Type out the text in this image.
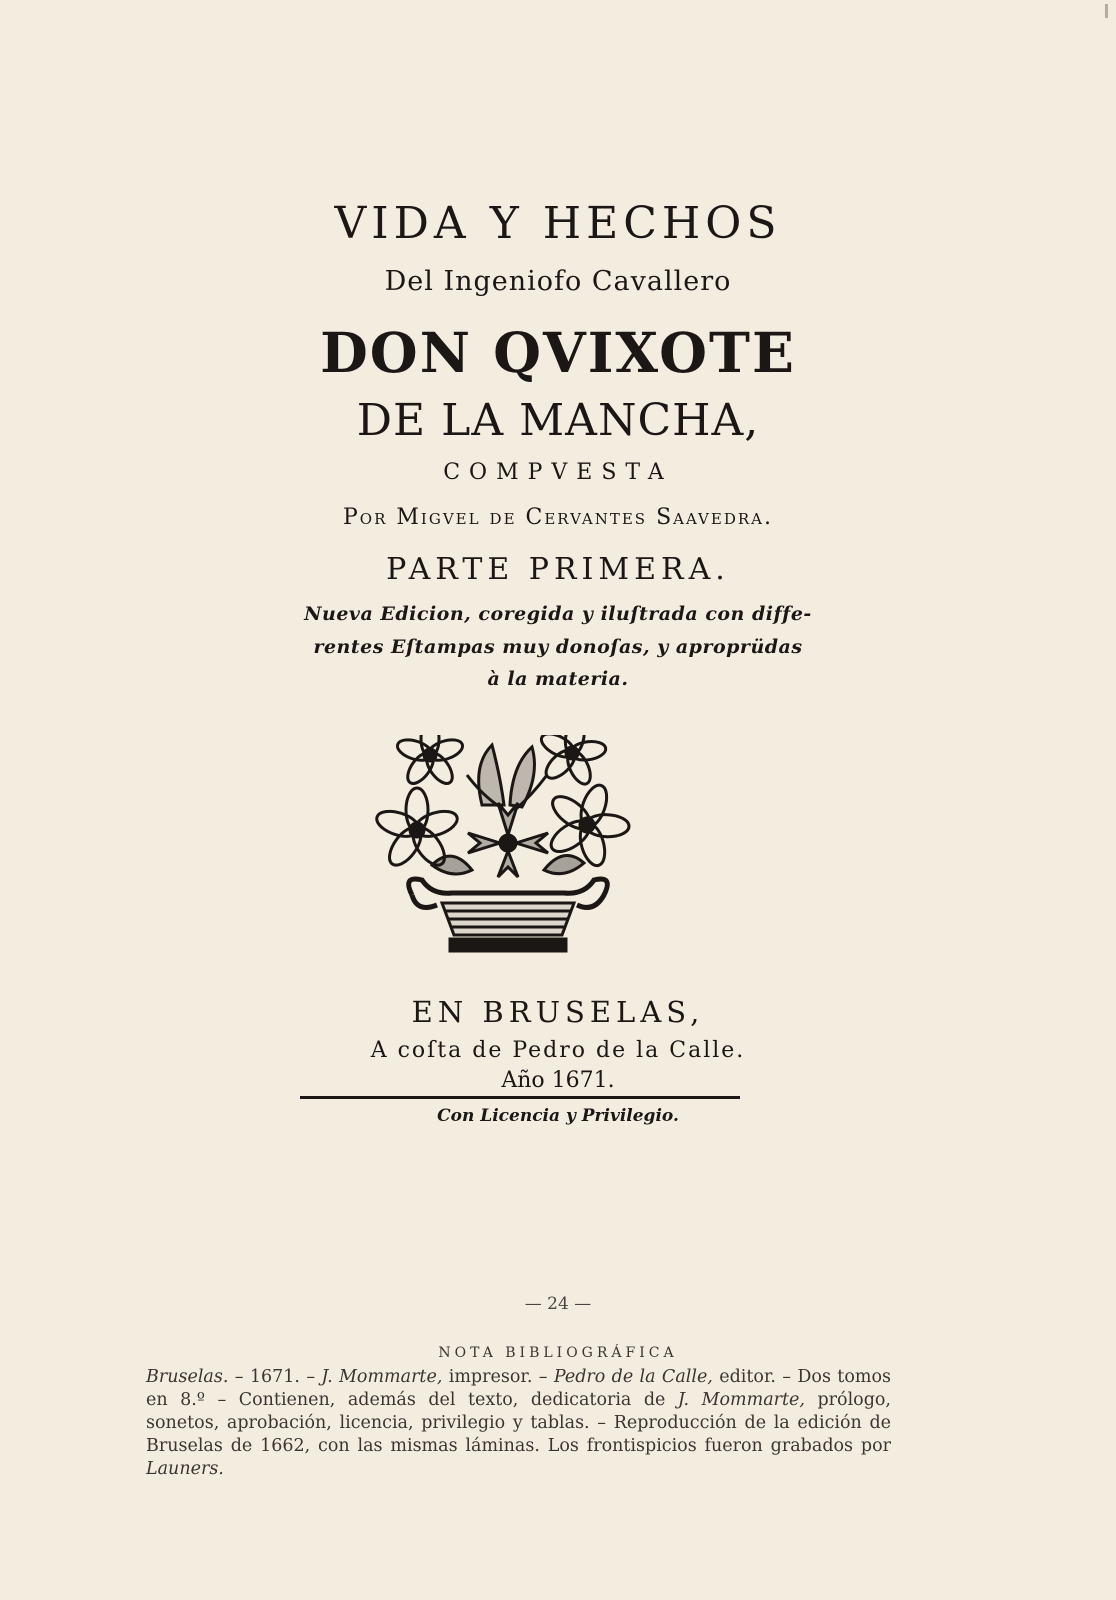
VIDA Y HECHOS
Del Ingeniofo Cavallero
DON QVIXOTE
DE LA MANCHA,
COMPVESTA
Por Migvel de Cervantes Saavedra.
PARTE PRIMERA.
Nueva Edicion, coregida y iluſtrada con diffe-
rentes Eſtampas muy donoſas, y aproprüdas
à la materia.
EN BRUSELAS,
A coſta de Pedro de la Calle.
Año 1671.
Con Licencia y Privilegio.
— 24 —
NOTA BIBLIOGRÁFICA
Bruselas. – 1671. – J. Mommarte, impresor. – Pedro de la Calle, editor. – Dos tomos en 8.º – Contienen, además del texto, dedicatoria de J. Mommarte, prólogo, sonetos, aprobación, licencia, privilegio y tablas. – Reproducción de la edición de Bruselas de 1662, con las mismas láminas. Los frontispicios fueron grabados por Launers.
